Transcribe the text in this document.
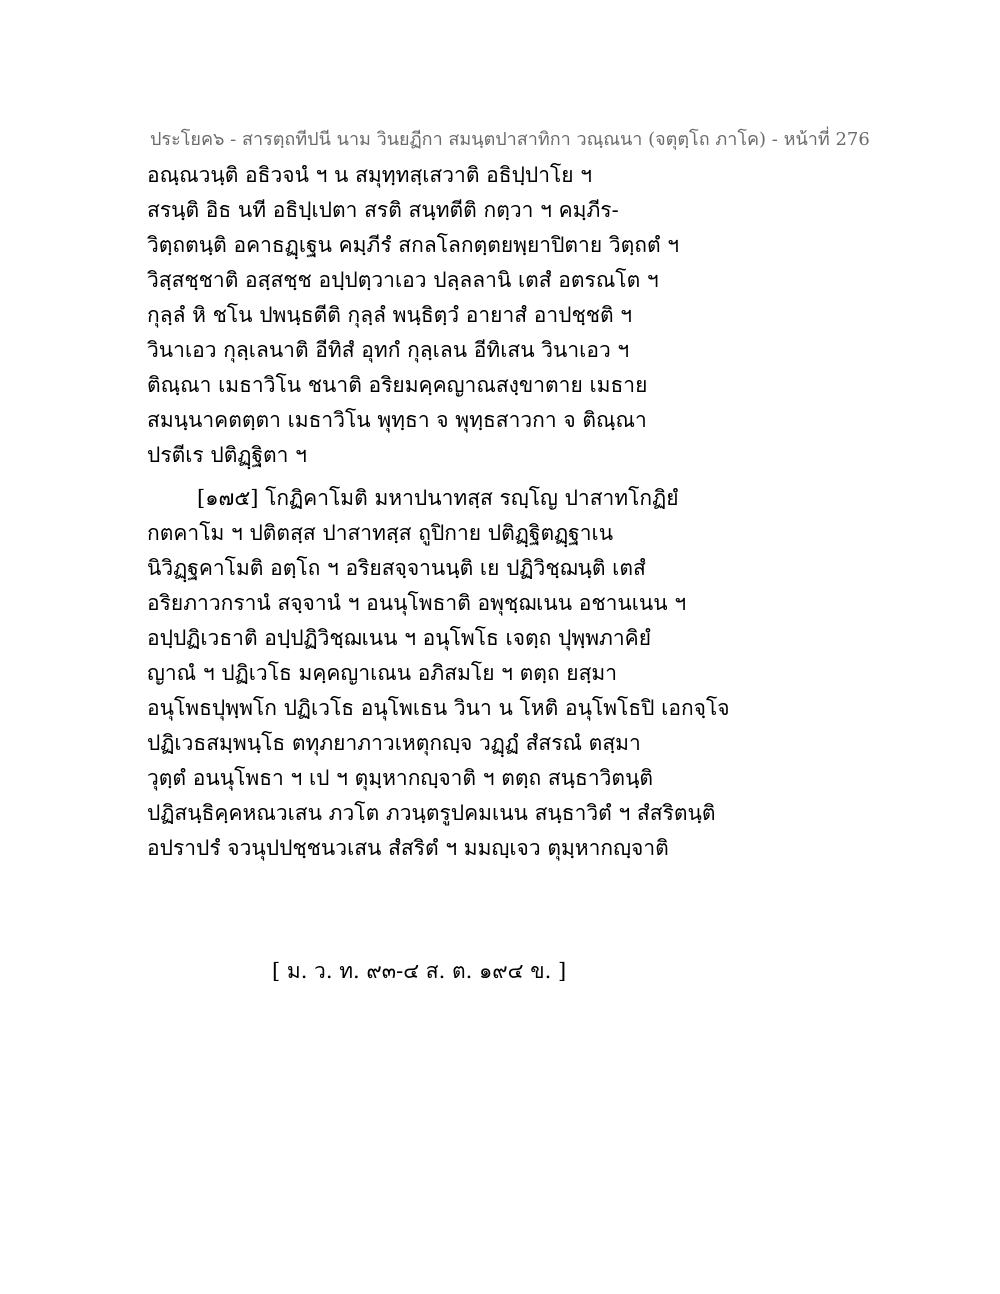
ประโยค๖ - สารตฺถทีปนี นาม วินยฏีกา สมนฺตปาสาทิกา วณฺณนา (จตุตฺโถ ภาโค) - หน้าที่ 276
อณฺณวนฺติ อธิวจนํ ฯ น สมุทฺทสฺเสวาติ อธิปฺปาโย ฯ
สรนฺติ อิธ นที อธิปฺเปตา สรติ สนฺทตีติ กตฺวา ฯ คมฺภีร-
วิตฺถตนฺติ อคาธฏฺเฐน คมฺภีรํ สกลโลกตฺตยพฺยาปิตาย วิตฺถตํ ฯ
วิสฺสชฺชาติ อสฺสชฺช อปฺปตฺวาเอว ปลฺลลานิ เตสํ อตรณโต ฯ
กุลฺลํ หิ ชโน ปพนฺธตีติ กุลฺลํ พนฺธิตฺวํ อายาสํ อาปชฺชติ ฯ
วินาเอว กุลฺเลนาติ อีทิสํ อุทกํ กุลฺเลน อีทิเสน วินาเอว ฯ
ติณฺณา เมธาวิโน ชนาติ อริยมคฺคญาณสงฺขาตาย เมธาย
สมนฺนาคตตฺตา เมธาวิโน พุทฺธา จ พุทฺธสาวกา จ ติณฺณา
ปรตีเร ปติฏฺฐิตา ฯ
[๑๗๕] โกฏิคาโมติ มหาปนาทสฺส รญฺโญ ปาสาทโกฏิยํ
กตคาโม ฯ ปติตสฺส ปาสาทสฺส ถูปิกาย ปติฏฺฐิตฏฺฐาเน
นิวิฏฺฐคาโมติ อตฺโถ ฯ อริยสจฺจานนฺติ เย ปฏิวิชฺฌนฺติ เตสํ
อริยภาวกรานํ สจฺจานํ ฯ อนนุโพธาติ อพุชฺฌเนน อชานเนน ฯ
อปฺปฏิเวธาติ อปฺปฏิวิชฺฌเนน ฯ อนุโพโธ เจตฺถ ปุพฺพภาคิยํ
ญาณํ ฯ ปฏิเวโธ มคฺคญาเณน อภิสมโย ฯ ตตฺถ ยสฺมา
อนุโพธปุพฺพโก ปฏิเวโธ อนุโพเธน วินา น โหติ อนุโพโธปิ เอกจฺโจ
ปฏิเวธสมฺพนฺโธ ตทุภยาภาวเหตุกญฺจ วฏฺฏํ สํสรณํ ตสฺมา
วุตฺตํ อนนุโพธา ฯ เป ฯ ตุมฺหากญฺจาติ ฯ ตตฺถ สนฺธาวิตนฺติ
ปฏิสนฺธิคฺคหณวเสน ภวโต ภวนฺตรูปคมเนน สนฺธาวิตํ ฯ สํสริตนฺติ
อปราปรํ จวนุปปชฺชนวเสน สํสริตํ ฯ มมญฺเจว ตุมฺหากญฺจาติ
[ ม. ว. ท. ๙๓-๔ ส. ต. ๑๙๔ ข. ]
